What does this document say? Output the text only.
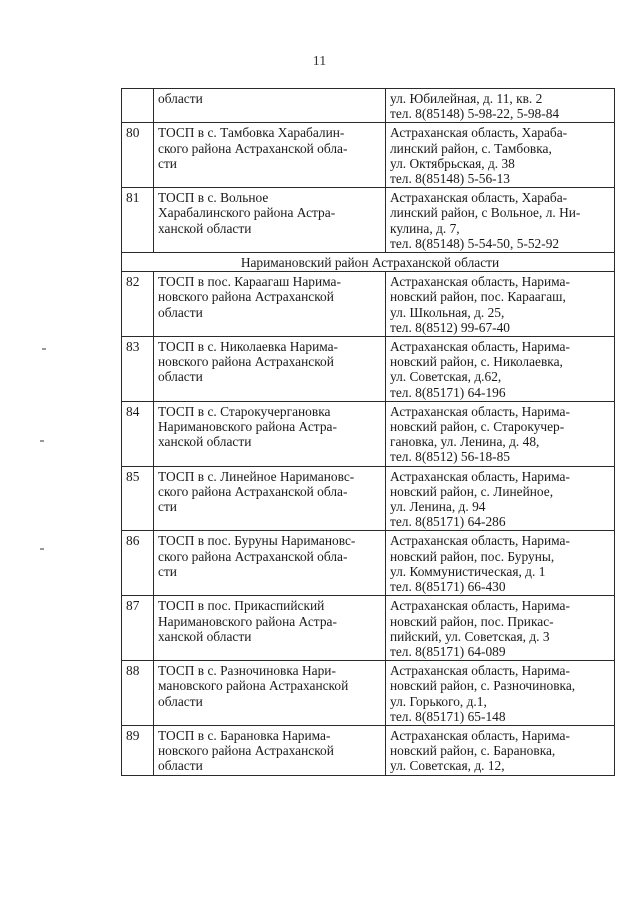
11

	области	ул. Юбилейная, д. 11, кв. 2
тел. 8(85148) 5-98-22, 5-98-84

80	ТОСП в с. Тамбовка Харабалин-
ского района Астраханской обла-
сти	Астраханская область, Хараба-
линский район, с. Тамбовка,
ул. Октябрьская, д. 38
тел. 8(85148) 5-56-13

81	ТОСП в с. Вольное
Харабалинского района Астра-
ханской области	Астраханская область, Хараба-
линский район, с Вольное, л. Ни-
кулина, д. 7,
тел. 8(85148) 5-54-50, 5-52-92

Наримановский район Астраханской области		
82	ТОСП в пос. Караагаш Нарима-
новского района Астраханской
области	Астраханская область, Нарима-
новский район, пос. Караагаш,
ул. Школьная, д. 25,
тел. 8(8512) 99-67-40

83	ТОСП в с. Николаевка Нарима-
новского района Астраханской
области	Астраханская область, Нарима-
новский район, с. Николаевка,
ул. Советская, д.62,
тел. 8(85171) 64-196

84	ТОСП в с. Старокучергановка
Наримановского района Астра-
ханской области	Астраханская область, Нарима-
новский район, с. Старокучер-
гановка, ул. Ленина, д. 48,
тел. 8(8512) 56-18-85

85	ТОСП в с. Линейное Наримановс-
ского района Астраханской обла-
сти	Астраханская область, Нарима-
новский район, с. Линейное,
ул. Ленина, д. 94
тел. 8(85171) 64-286

86	ТОСП в пос. Буруны Наримановс-
ского района Астраханской обла-
сти	Астраханская область, Нарима-
новский район, пос. Буруны,
ул. Коммунистическая, д. 1
тел. 8(85171) 66-430

87	ТОСП в пос. Прикаспийский
Наримановского района Астра-
ханской области	Астраханская область, Нарима-
новский район, пос. Прикас-
пийский, ул. Советская, д. 3
тел. 8(85171) 64-089

88	ТОСП в с. Разночиновка Нари-
мановского района Астраханской
области	Астраханская область, Нарима-
новский район, с. Разночиновка,
ул. Горького, д.1,
тел. 8(85171) 65-148

89	ТОСП в с. Барановка Нарима-
новского района Астраханской
области	Астраханская область, Нарима-
новский район, с. Барановка,
ул. Советская, д. 12,
